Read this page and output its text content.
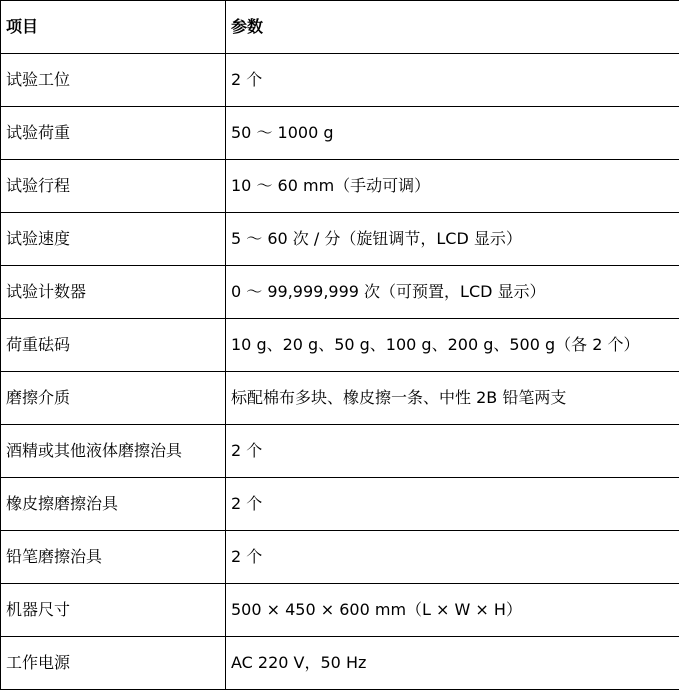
项目	参数
试验工位	2 个
试验荷重	50 ～ 1000 g
试验行程	10 ～ 60 mm（手动可调）
试验速度	5 ～ 60 次 / 分（旋钮调节，LCD 显示）
试验计数器	0 ～ 99,999,999 次（可预置，LCD 显示）
荷重砝码	10 g、20 g、50 g、100 g、200 g、500 g（各 2 个）
磨擦介质	标配棉布多块、橡皮擦一条、中性 2B 铅笔两支
酒精或其他液体磨擦治具	2 个
橡皮擦磨擦治具	2 个
铅笔磨擦治具	2 个
机器尺寸	500 × 450 × 600 mm（L × W × H）
工作电源	AC 220 V，50 Hz
